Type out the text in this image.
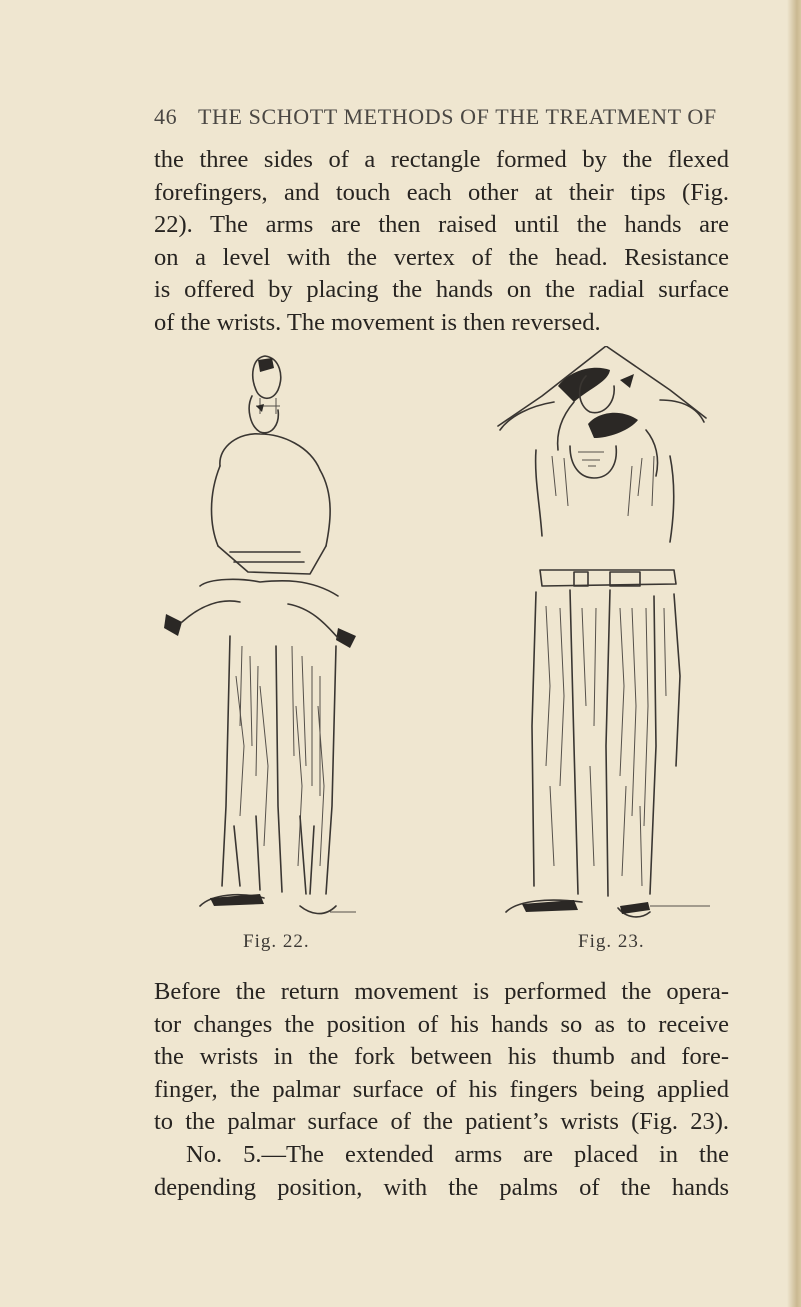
46 THE SCHOTT METHODS OF THE TREATMENT OF
the three sides of a rectangle formed by the flexed
forefingers, and touch each other at their tips (Fig.
22). The arms are then raised until the hands are
on a level with the vertex of the head. Resistance
is offered by placing the hands on the radial surface
of the wrists. The movement is then reversed.
Fig. 22.	Fig. 23.
Before the return movement is performed the opera-
tor changes the position of his hands so as to receive
the wrists in the fork between his thumb and fore-
finger, the palmar surface of his fingers being applied
to the palmar surface of the patient’s wrists (Fig. 23).
No. 5.—The extended arms are placed in the
depending position, with the palms of the hands
